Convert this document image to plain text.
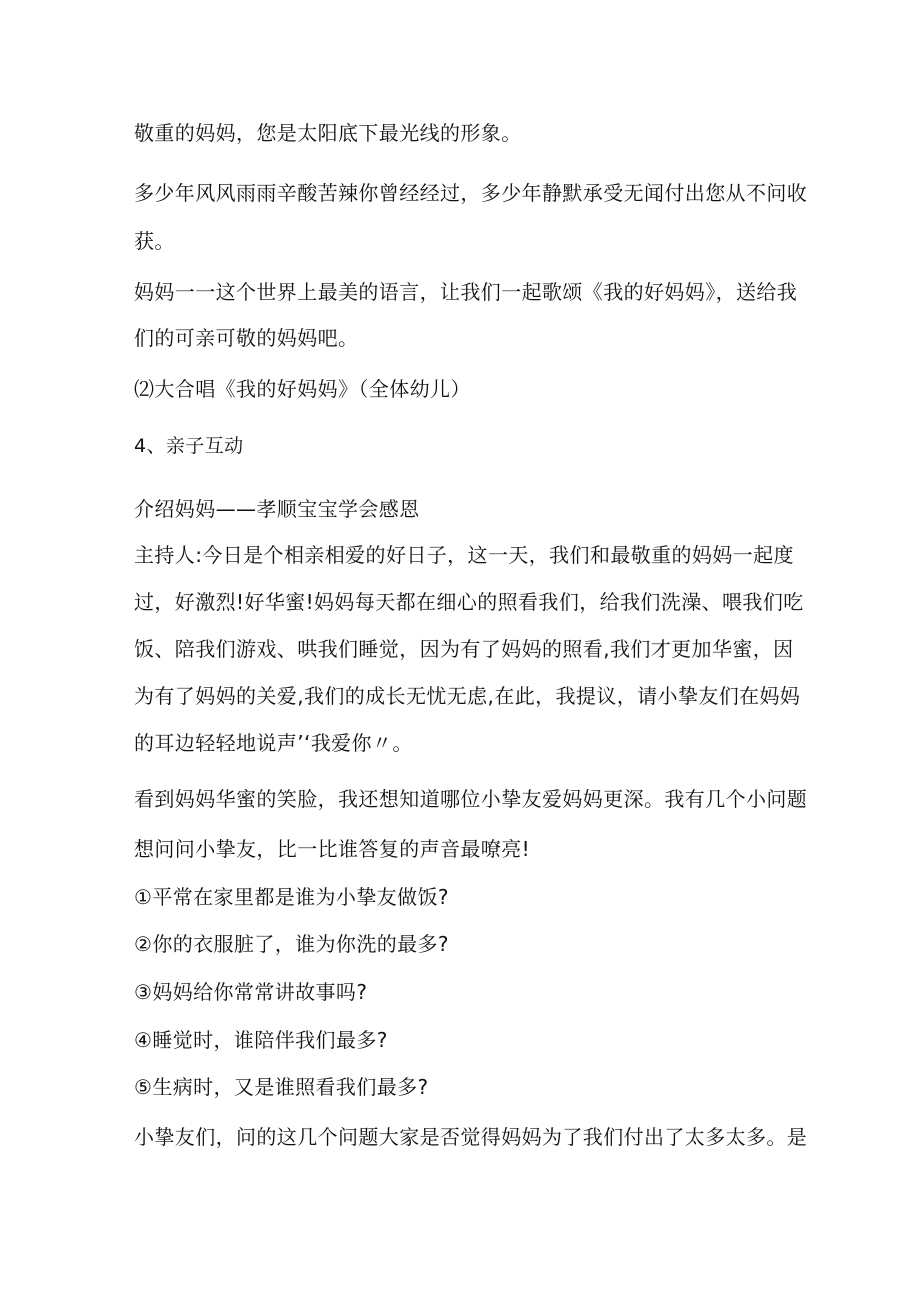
敬重的妈妈，您是太阳底下最光线的形象。
多少年风风雨雨辛酸苦辣你曾经经过，多少年静默承受无闻付出您从不问收
获。
妈妈一一这个世界上最美的语言，让我们一起歌颂《我的好妈妈》，送给我
们的可亲可敬的妈妈吧。
⑵大合唱《我的好妈妈》（全体幼儿）
4、亲子互动
介绍妈妈——孝顺宝宝学会感恩
主持人:今日是个相亲相爱的好日子，这一天，我们和最敬重的妈妈一起度
过，好激烈!好华蜜!妈妈每天都在细心的照看我们，给我们洗澡、喂我们吃
饭、陪我们游戏、哄我们睡觉，因为有了妈妈的照看,我们才更加华蜜，因
为有了妈妈的关爱,我们的成长无忧无虑,在此，我提议，请小挚友们在妈妈
的耳边轻轻地说声’‘我爱你〃。
看到妈妈华蜜的笑脸，我还想知道哪位小挚友爱妈妈更深。我有几个小问题
想问问小挚友，比一比谁答复的声音最嘹亮!
①平常在家里都是谁为小挚友做饭?
②你的衣服脏了，谁为你洗的最多?
③妈妈给你常常讲故事吗?
④睡觉时，谁陪伴我们最多?
⑤生病时，又是谁照看我们最多?
小挚友们，问的这几个问题大家是否觉得妈妈为了我们付出了太多太多。是
